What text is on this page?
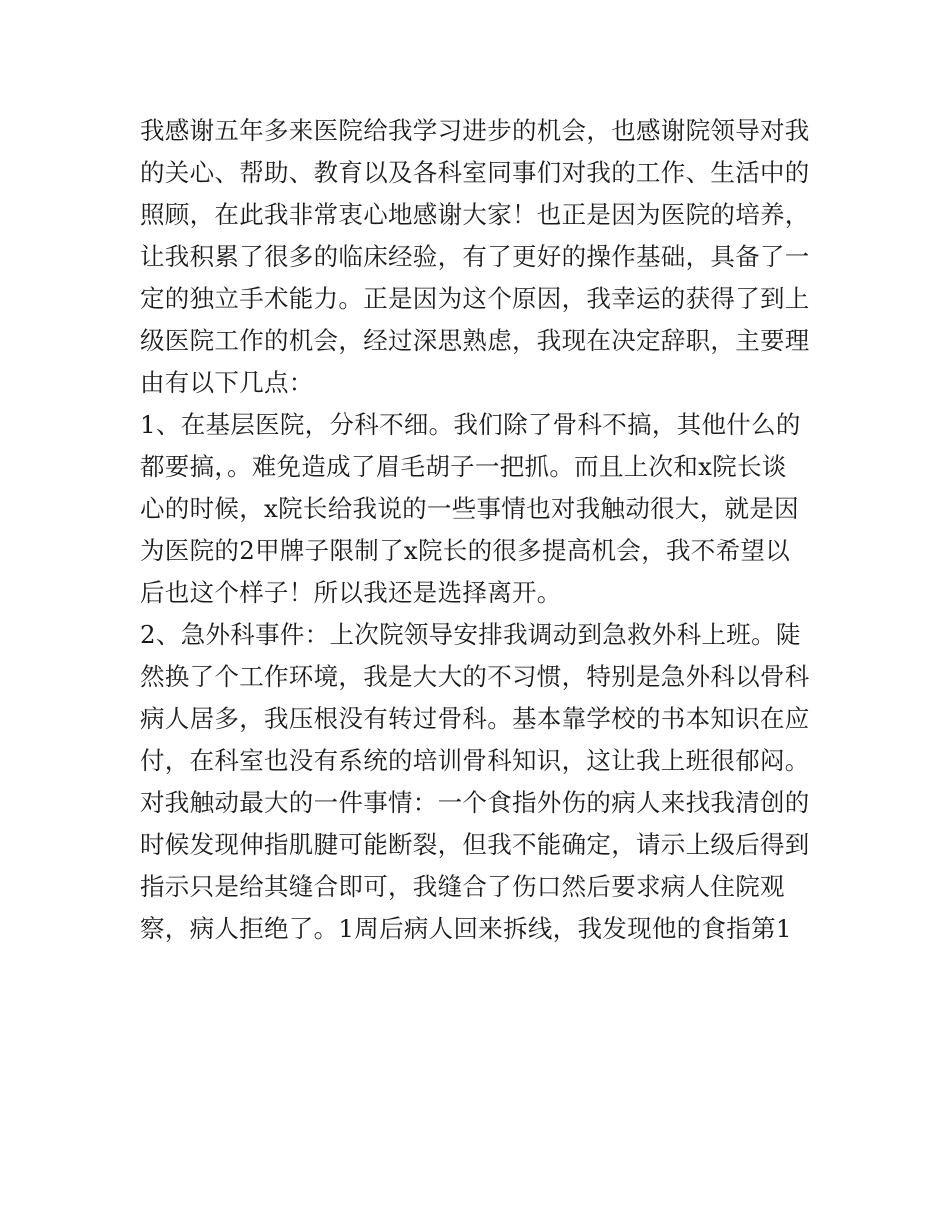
我感谢五年多来医院给我学习进步的机会，也感谢院领导对我
的关心、帮助、教育以及各科室同事们对我的工作、生活中的
照顾，在此我非常衷心地感谢大家！也正是因为医院的培养，
让我积累了很多的临床经验，有了更好的操作基础，具备了一
定的独立手术能力。正是因为这个原因，我幸运的获得了到上
级医院工作的机会，经过深思熟虑，我现在决定辞职，主要理
由有以下几点：
1、在基层医院，分科不细。我们除了骨科不搞，其他什么的
都要搞，。难免造成了眉毛胡子一把抓。而且上次和x院长谈
心的时候，x院长给我说的一些事情也对我触动很大，就是因
为医院的2甲牌子限制了x院长的很多提高机会，我不希望以
后也这个样子！所以我还是选择离开。
2、急外科事件：上次院领导安排我调动到急救外科上班。陡
然换了个工作环境，我是大大的不习惯，特别是急外科以骨科
病人居多，我压根没有转过骨科。基本靠学校的书本知识在应
付，在科室也没有系统的培训骨科知识，这让我上班很郁闷。
对我触动最大的一件事情：一个食指外伤的病人来找我清创的
时候发现伸指肌腱可能断裂，但我不能确定，请示上级后得到
指示只是给其缝合即可，我缝合了伤口然后要求病人住院观
察，病人拒绝了。1周后病人回来拆线，我发现他的食指第1
